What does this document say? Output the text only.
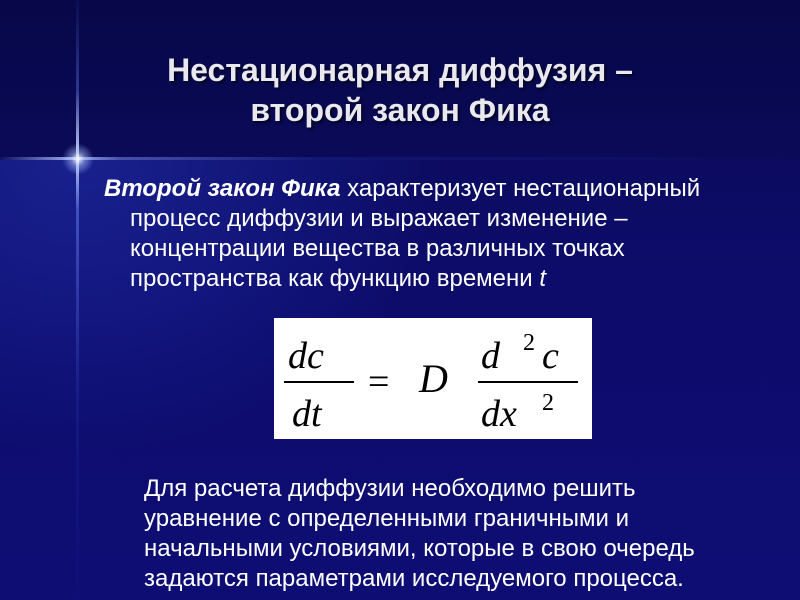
Нестационарная диффузия –
второй закон Фика
Второй закон Фика характеризует нестационарный
процесс диффузии и выражает изменение –
концентрации вещества в различных точках
пространства как функцию времени t
dc
dt
= D d 2 c
dx 2
Для расчета диффузии необходимо решить
уравнение с определенными граничными и
начальными условиями, которые в свою очередь
задаются параметрами исследуемого процесса.
